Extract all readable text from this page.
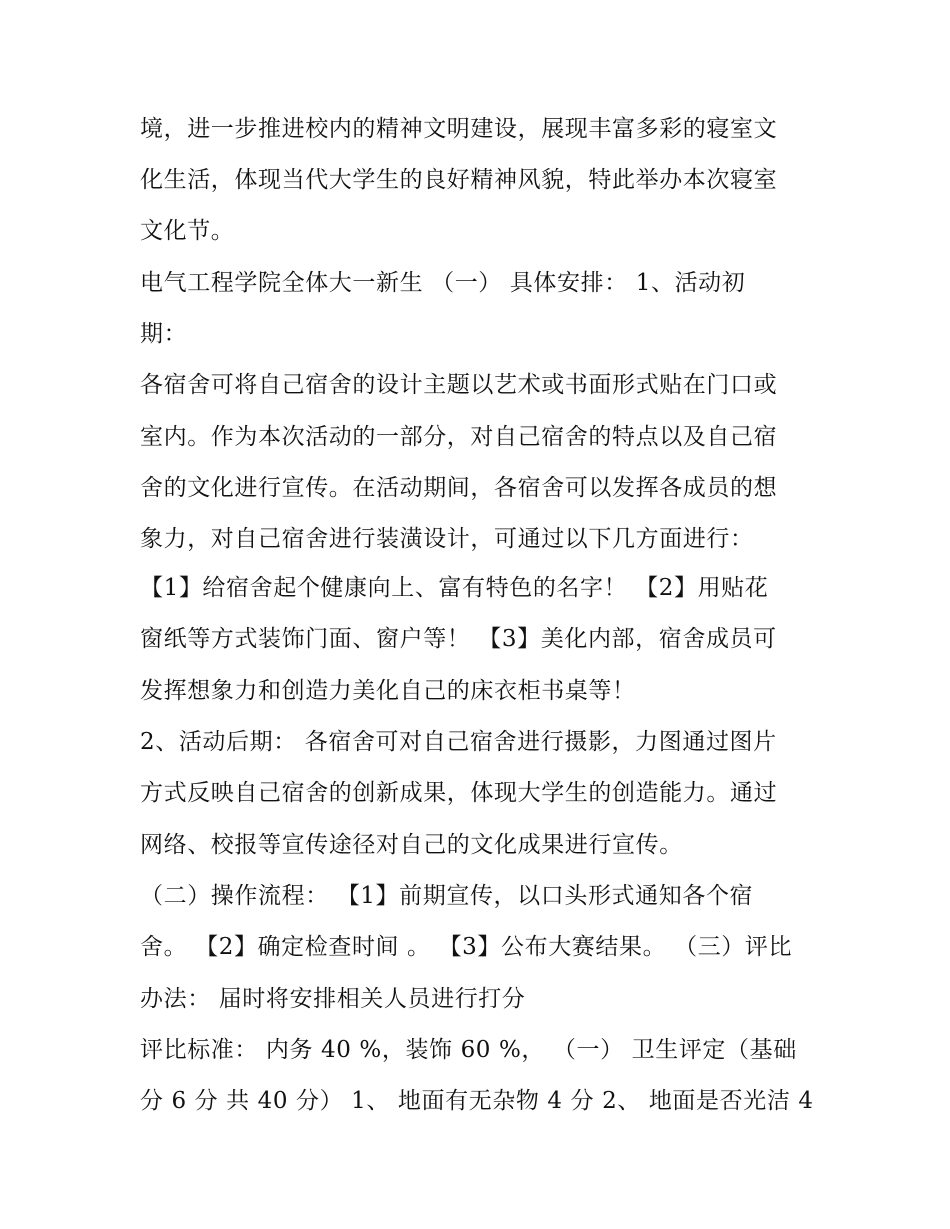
境，进一步推进校内的精神文明建设，展现丰富多彩的寝室文
化生活，体现当代大学生的良好精神风貌，特此举办本次寝室
文化节。
电气工程学院全体大一新生 （一） 具体安排： 1、活动初
期：
各宿舍可将自己宿舍的设计主题以艺术或书面形式贴在门口或
室内。作为本次活动的一部分，对自己宿舍的特点以及自己宿
舍的文化进行宣传。在活动期间，各宿舍可以发挥各成员的想
象力，对自己宿舍进行装潢设计，可通过以下几方面进行：
【1】给宿舍起个健康向上、富有特色的名字！ 【2】用贴花
窗纸等方式装饰门面、窗户等！ 【3】美化内部，宿舍成员可
发挥想象力和创造力美化自己的床衣柜书桌等！
2、活动后期： 各宿舍可对自己宿舍进行摄影，力图通过图片
方式反映自己宿舍的创新成果，体现大学生的创造能力。通过
网络、校报等宣传途径对自己的文化成果进行宣传。
（二）操作流程： 【1】前期宣传，以口头形式通知各个宿
舍。 【2】确定检查时间 。 【3】公布大赛结果。 （三）评比
办法： 届时将安排相关人员进行打分
评比标准： 内务 40 %，装饰 60 %， （一） 卫生评定（基础
分 6 分 共 40 分） 1、 地面有无杂物 4 分 2、 地面是否光洁 4
